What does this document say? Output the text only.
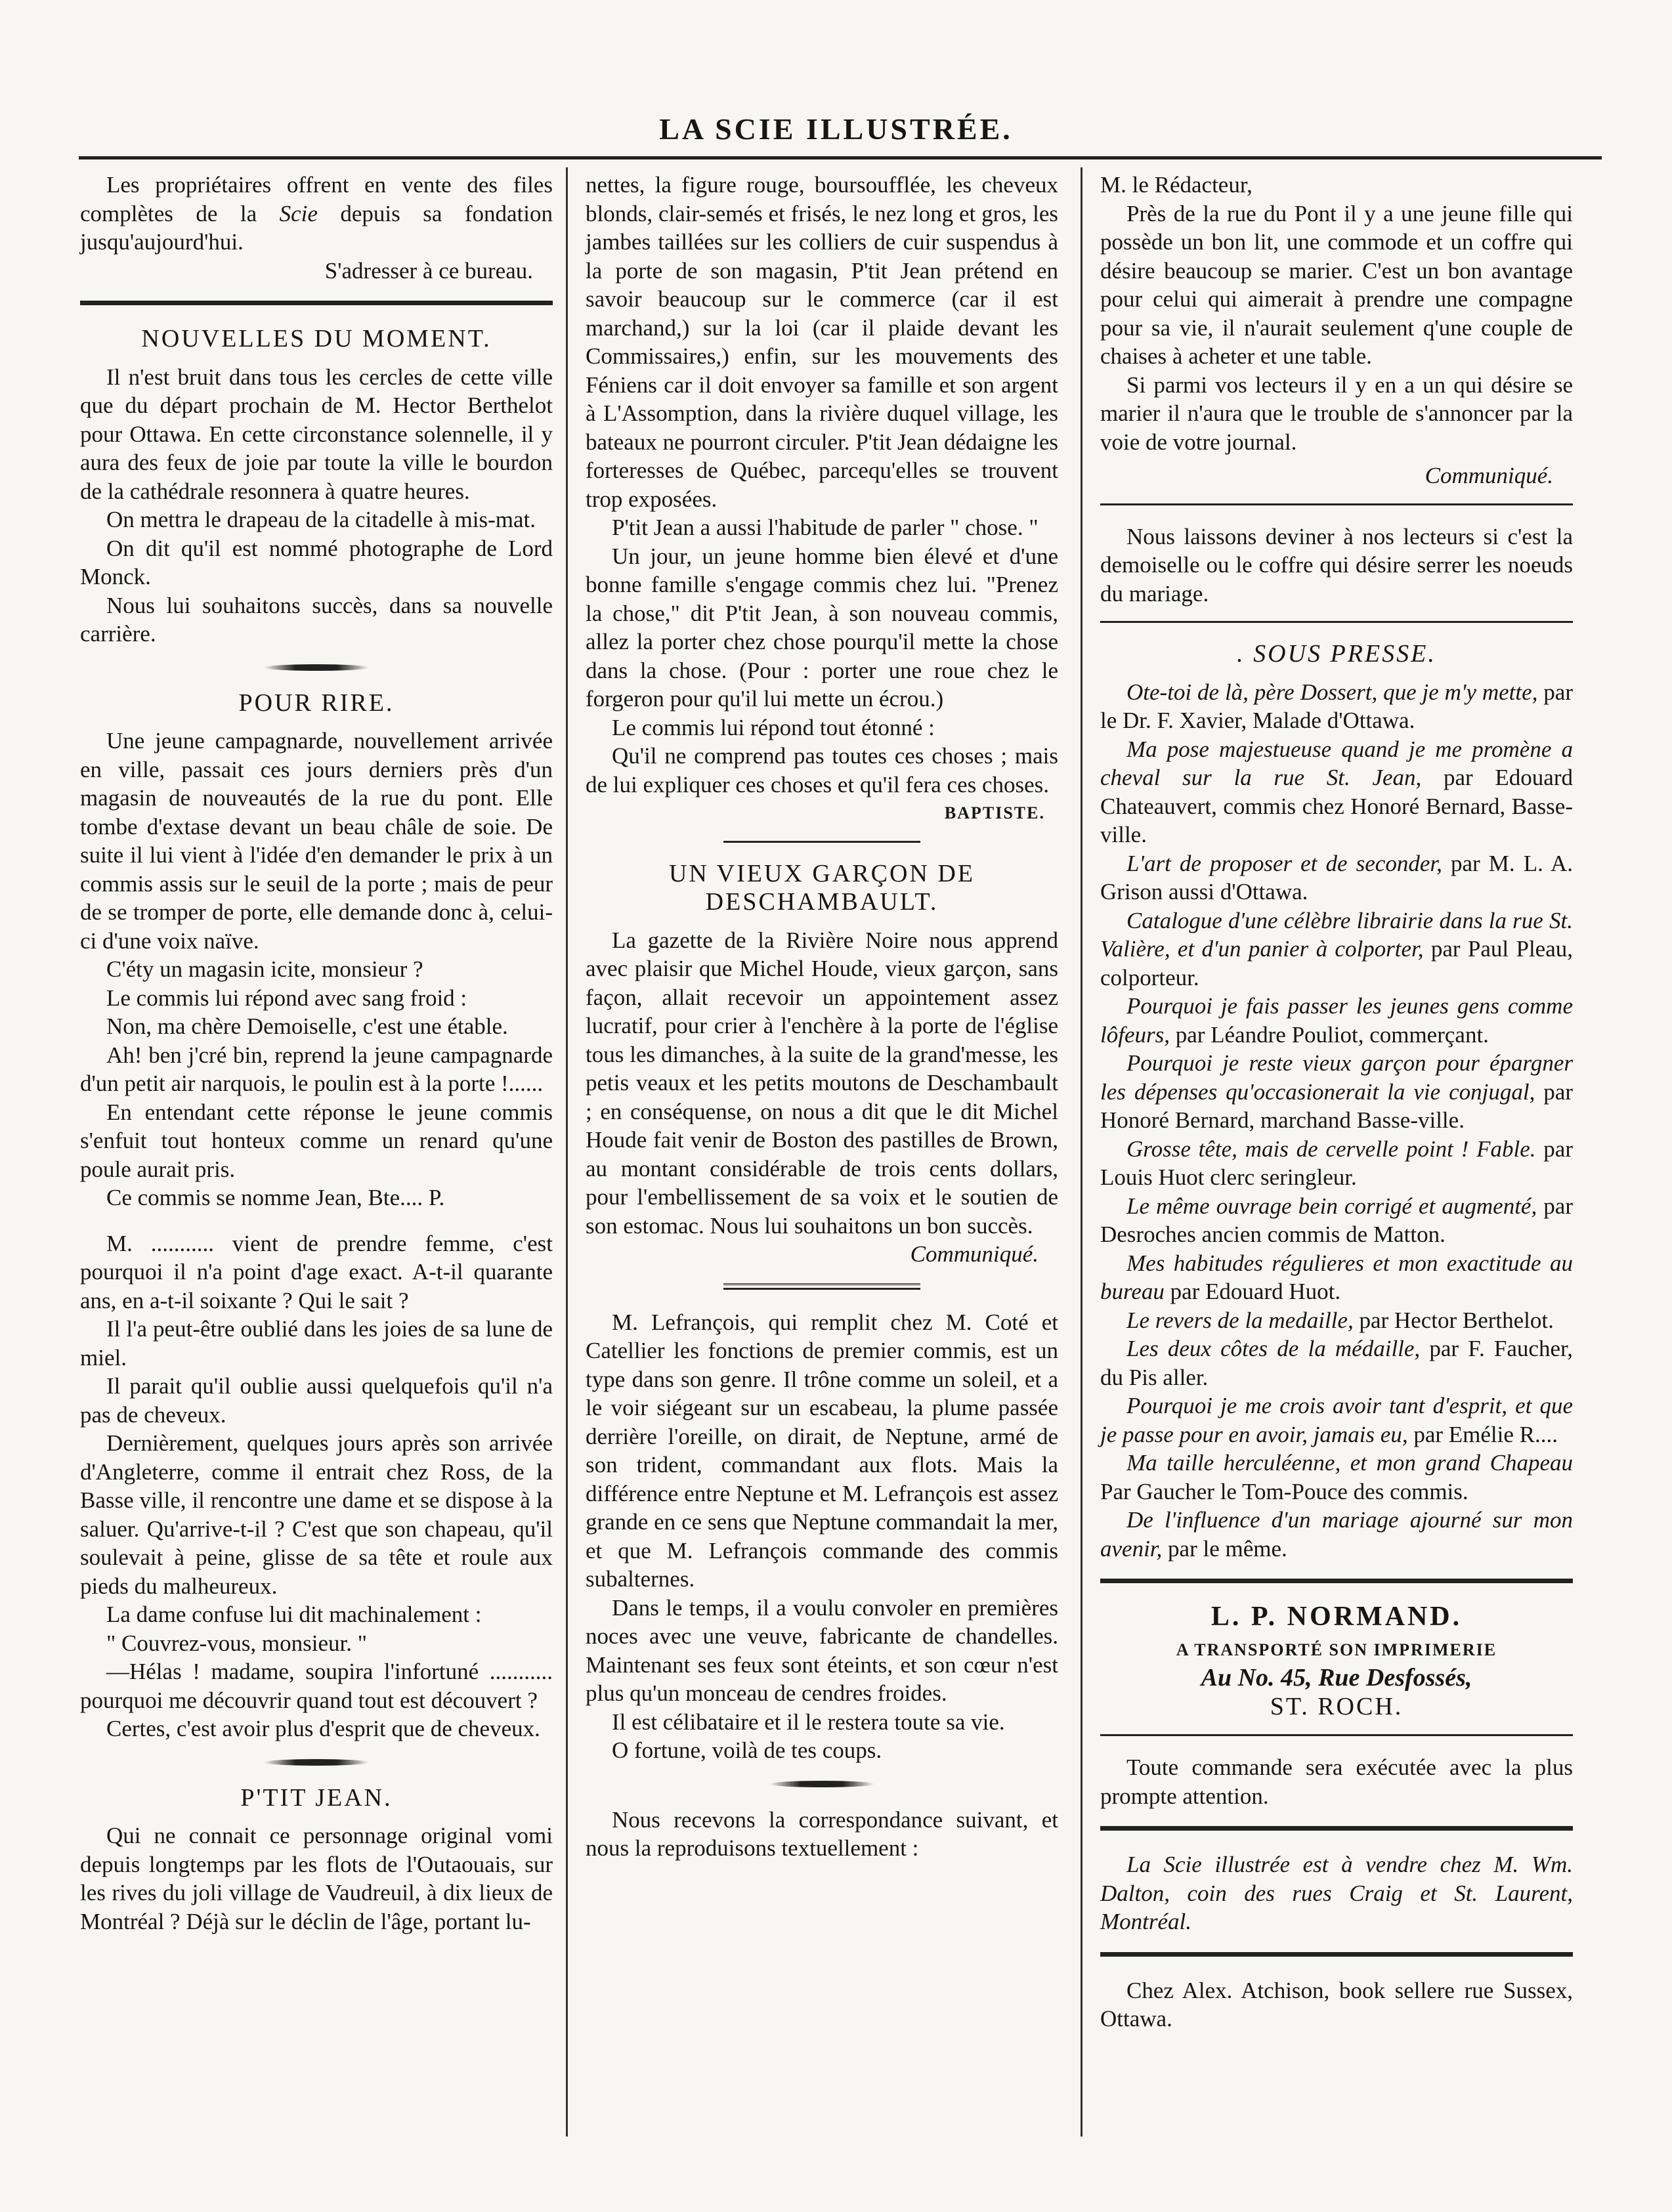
LA SCIE ILLUSTRÉE.

Les propriétaires offrent en vente des files complètes de la Scie depuis sa fondation jusqu'aujourd'hui.

S'adresser à ce bureau.

NOUVELLES DU MOMENT.

Il n'est bruit dans tous les cercles de cette ville que du départ prochain de M. Hector Berthelot pour Ottawa. En cette circonstance solennelle, il y aura des feux de joie par toute la ville le bourdon de la cathédrale resonnera à quatre heures.

On mettra le drapeau de la citadelle à mis-mat.

On dit qu'il est nommé photographe de Lord Monck.

Nous lui souhaitons succès, dans sa nouvelle carrière.

POUR RIRE.

Une jeune campagnarde, nouvellement arrivée en ville, passait ces jours derniers près d'un magasin de nouveautés de la rue du pont. Elle tombe d'extase devant un beau châle de soie. De suite il lui vient à l'idée d'en demander le prix à un commis assis sur le seuil de la porte ; mais de peur de se tromper de porte, elle demande donc à, celui-ci d'une voix naïve.

C'éty un magasin icite, monsieur ?

Le commis lui répond avec sang froid :

Non, ma chère Demoiselle, c'est une étable.

Ah! ben j'cré bin, reprend la jeune campagnarde d'un petit air narquois, le poulin est à la porte !......

En entendant cette réponse le jeune commis s'enfuit tout honteux comme un renard qu'une poule aurait pris.

Ce commis se nomme Jean, Bte.... P.

M. ........... vient de prendre femme, c'est pourquoi il n'a point d'age exact. A-t-il quarante ans, en a-t-il soixante ? Qui le sait ?

Il l'a peut-être oublié dans les joies de sa lune de miel.

Il parait qu'il oublie aussi quelquefois qu'il n'a pas de cheveux.

Dernièrement, quelques jours après son arrivée d'Angleterre, comme il entrait chez Ross, de la Basse ville, il rencontre une dame et se dispose à la saluer. Qu'arrive-t-il ? C'est que son chapeau, qu'il soulevait à peine, glisse de sa tête et roule aux pieds du malheureux.

La dame confuse lui dit machinalement :

" Couvrez-vous, monsieur. "

—Hélas ! madame, soupira l'infortuné ........... pourquoi me découvrir quand tout est découvert ?

Certes, c'est avoir plus d'esprit que de cheveux.

P'TIT JEAN.

Qui ne connait ce personnage original vomi depuis longtemps par les flots de l'Outaouais, sur les rives du joli village de Vaudreuil, à dix lieux de Montréal ? Déjà sur le déclin de l'âge, portant lu-

nettes, la figure rouge, boursoufflée, les cheveux blonds, clair-semés et frisés, le nez long et gros, les jambes taillées sur les colliers de cuir suspendus à la porte de son magasin, P'tit Jean prétend en savoir beaucoup sur le commerce (car il est marchand,) sur la loi (car il plaide devant les Commissaires,) enfin, sur les mouvements des Féniens car il doit envoyer sa famille et son argent à L'Assomption, dans la rivière duquel village, les bateaux ne pourront circuler. P'tit Jean dédaigne les forteresses de Québec, parcequ'elles se trouvent trop exposées.

P'tit Jean a aussi l'habitude de parler " chose. "

Un jour, un jeune homme bien élevé et d'une bonne famille s'engage commis chez lui. "Prenez la chose," dit P'tit Jean, à son nouveau commis, allez la porter chez chose pourqu'il mette la chose dans la chose. (Pour : porter une roue chez le forgeron pour qu'il lui mette un écrou.)

Le commis lui répond tout étonné :

Qu'il ne comprend pas toutes ces choses ; mais de lui expliquer ces choses et qu'il fera ces choses.

BAPTISTE.
UN VIEUX GARÇON DE DESCHAMBAULT.

La gazette de la Rivière Noire nous apprend avec plaisir que Michel Houde, vieux garçon, sans façon, allait recevoir un appointement assez lucratif, pour crier à l'enchère à la porte de l'église tous les dimanches, à la suite de la grand'messe, les petis veaux et les petits moutons de Deschambault ; en conséquense, on nous a dit que le dit Michel Houde fait venir de Boston des pastilles de Brown, au montant considérable de trois cents dollars, pour l'embellissement de sa voix et le soutien de son estomac. Nous lui souhaitons un bon succès.

Communiqué.

M. Lefrançois, qui remplit chez M. Coté et Catellier les fonctions de premier commis, est un type dans son genre. Il trône comme un soleil, et a le voir siégeant sur un escabeau, la plume passée derrière l'oreille, on dirait, de Neptune, armé de son trident, commandant aux flots. Mais la différence entre Neptune et M. Lefrançois est assez grande en ce sens que Neptune commandait la mer, et que M. Lefrançois commande des commis subalternes.

Dans le temps, il a voulu convoler en premières noces avec une veuve, fabricante de chandelles. Maintenant ses feux sont éteints, et son cœur n'est plus qu'un monceau de cendres froides.

Il est célibataire et il le restera toute sa vie.

O fortune, voilà de tes coups.

Nous recevons la correspondance suivant, et nous la reproduisons textuellement :

M. le Rédacteur,

Près de la rue du Pont il y a une jeune fille qui possède un bon lit, une commode et un coffre qui désire beaucoup se marier. C'est un bon avantage pour celui qui aimerait à prendre une compagne pour sa vie, il n'aurait seulement q'une couple de chaises à acheter et une table.

Si parmi vos lecteurs il y en a un qui désire se marier il n'aura que le trouble de s'annoncer par la voie de votre journal.

Communiqué.

Nous laissons deviner à nos lecteurs si c'est la demoiselle ou le coffre qui désire serrer les noeuds du mariage.

. SOUS PRESSE.

Ote-toi de là, père Dossert, que je m'y mette, par le Dr. F. Xavier, Malade d'Ottawa.

Ma pose majestueuse quand je me promène a cheval sur la rue St. Jean, par Edouard Chateauvert, commis chez Honoré Bernard, Basse-ville.

L'art de proposer et de seconder, par M. L. A. Grison aussi d'Ottawa.

Catalogue d'une célèbre librairie dans la rue St. Valière, et d'un panier à colporter, par Paul Pleau, colporteur.

Pourquoi je fais passer les jeunes gens comme lôfeurs, par Léandre Pouliot, commerçant.

Pourquoi je reste vieux garçon pour épargner les dépenses qu'occasionerait la vie conjugal, par Honoré Bernard, marchand Basse-ville.

Grosse tête, mais de cervelle point ! Fable. par Louis Huot clerc seringleur.

Le même ouvrage bein corrigé et augmenté, par Desroches ancien commis de Matton.

Mes habitudes régulieres et mon exactitude au bureau par Edouard Huot.

Le revers de la medaille, par Hector Berthelot.

Les deux côtes de la médaille, par F. Faucher, du Pis aller.

Pourquoi je me crois avoir tant d'esprit, et que je passe pour en avoir, jamais eu, par Emélie R....

Ma taille herculéenne, et mon grand Chapeau Par Gaucher le Tom-Pouce des commis.

De l'influence d'un mariage ajourné sur mon avenir, par le même.

L. P. NORMAND.
A TRANSPORTÉ SON IMPRIMERIE
Au No. 45, Rue Desfossés,
ST. ROCH.

Toute commande sera exécutée avec la plus prompte attention.

La Scie illustrée est à vendre chez M. Wm. Dalton, coin des rues Craig et St. Laurent, Montréal.

Chez Alex. Atchison, book sellere rue Sussex, Ottawa.
